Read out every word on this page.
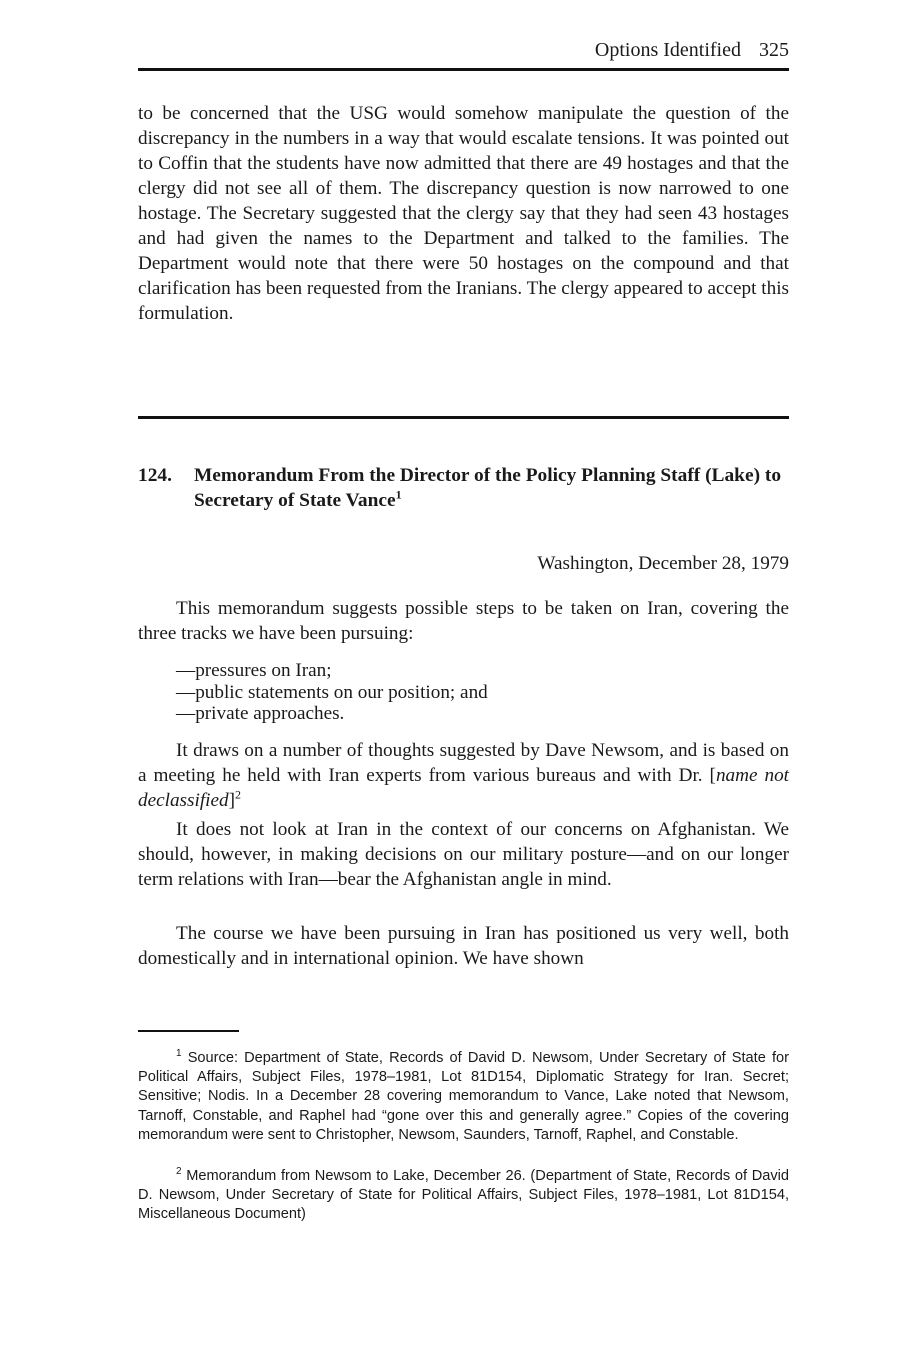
Options Identified 325

to be concerned that the USG would somehow manipulate the question of the discrepancy in the numbers in a way that would escalate tensions. It was pointed out to Coffin that the students have now admitted that there are 49 hostages and that the clergy did not see all of them. The discrepancy question is now narrowed to one hostage. The Secretary suggested that the clergy say that they had seen 43 hostages and had given the names to the Department and talked to the families. The Department would note that there were 50 hostages on the compound and that clarification has been requested from the Iranians. The clergy appeared to accept this formulation.

124. Memorandum From the Director of the Policy Planning Staff (Lake) to Secretary of State Vance$^1$
Washington, December 28, 1979

This memorandum suggests possible steps to be taken on Iran, covering the three tracks we have been pursuing:

—pressures on Iran;
—public statements on our position; and
—private approaches.

It draws on a number of thoughts suggested by Dave Newsom, and is based on a meeting he held with Iran experts from various bureaus and with Dr. [name not declassified]$^2$

It does not look at Iran in the context of our concerns on Afghanistan. We should, however, in making decisions on our military posture—and on our longer term relations with Iran—bear the Afghanistan angle in mind.

The course we have been pursuing in Iran has positioned us very well, both domestically and in international opinion. We have shown

$^1$ Source: Department of State, Records of David D. Newsom, Under Secretary of State for Political Affairs, Subject Files, 1978–1981, Lot 81D154, Diplomatic Strategy for Iran. Secret; Sensitive; Nodis. In a December 28 covering memorandum to Vance, Lake noted that Newsom, Tarnoff, Constable, and Raphel had “gone over this and generally agree.” Copies of the covering memorandum were sent to Christopher, Newsom, Saunders, Tarnoff, Raphel, and Constable.

$^2$ Memorandum from Newsom to Lake, December 26. (Department of State, Records of David D. Newsom, Under Secretary of State for Political Affairs, Subject Files, 1978–1981, Lot 81D154, Miscellaneous Document)
